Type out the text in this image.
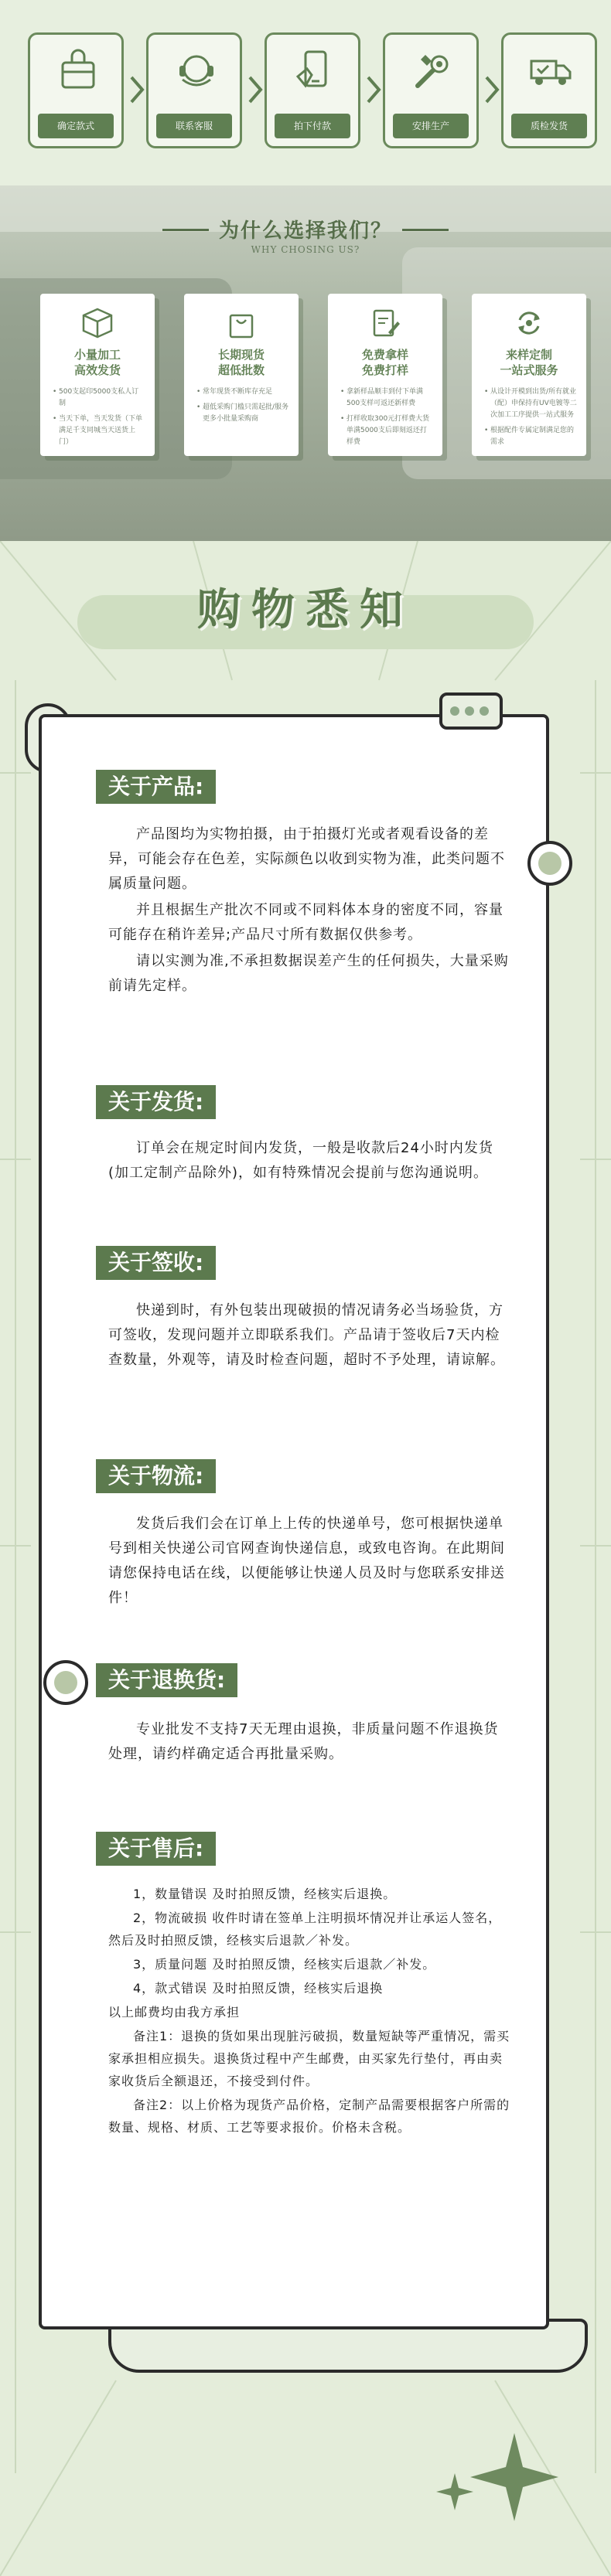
确定款式	联系客服	拍下付款	安排生产	质检发货
为什么选择我们？
WHY CHOSING US?
小量加工
高效发货

• 500支起印5000支私人订制

• 当天下单，当天发货（下单满足千支同城当天送货上门）

长期现货
超低批数

• 常年现货不断库存充足

• 超低采购门槛只需起批/服务更多小批量采购商

免费拿样
免费打样

• 拿新样品顺丰到付下单满500支样可返还新样费

• 打样收取300元打样费大货单满5000支后即刻返还打样费

来样定制
一站式服务

• 从设计开模到出货/所有就业（配）申保持有UV电镀等二次加工工序提供一站式服务

• 根据配件专属定制满足您的需求

购物悉知
关于产品:

产品图均为实物拍摄，由于拍摄灯光或者观看设备的差异，可能会存在色差，实际颜色以收到实物为准，此类问题不属质量问题。

并且根据生产批次不同或不同料体本身的密度不同，容量可能存在稍许差异;产品尺寸所有数据仅供参考。

请以实测为准,不承担数据误差产生的任何损失，大量采购前请先定样。

关于发货:

订单会在规定时间内发货，一般是收款后24小时内发货(加工定制产品除外)，如有特殊情况会提前与您沟通说明。

关于签收:

快递到时，有外包装出现破损的情况请务必当场验货，方可签收，发现问题并立即联系我们。产品请于签收后7天内检查数量，外观等，请及时检查问题，超时不予处理，请谅解。

关于物流:

发货后我们会在订单上上传的快递单号，您可根据快递单号到相关快递公司官网查询快递信息，或致电咨询。在此期间请您保持电话在线，以便能够让快递人员及时与您联系安排送件！

关于退换货:

专业批发不支持7天无理由退换，非质量问题不作退换货处理，请约样确定适合再批量采购。

关于售后:

1，数量错误 及时拍照反馈，经核实后退换。

2，物流破损 收件时请在签单上注明损坏情况并让承运人签名，然后及时拍照反馈，经核实后退款／补发。

3，质量问题 及时拍照反馈，经核实后退款／补发。

4，款式错误 及时拍照反馈，经核实后退换

以上邮费均由我方承担

备注1：退换的货如果出现脏污破损，数量短缺等严重情况，需买家承担相应损失。退换货过程中产生邮费，由买家先行垫付，再由卖家收货后全额退还，不接受到付件。

备注2：以上价格为现货产品价格，定制产品需要根据客户所需的数量、规格、材质、工艺等要求报价。价格未含税。
